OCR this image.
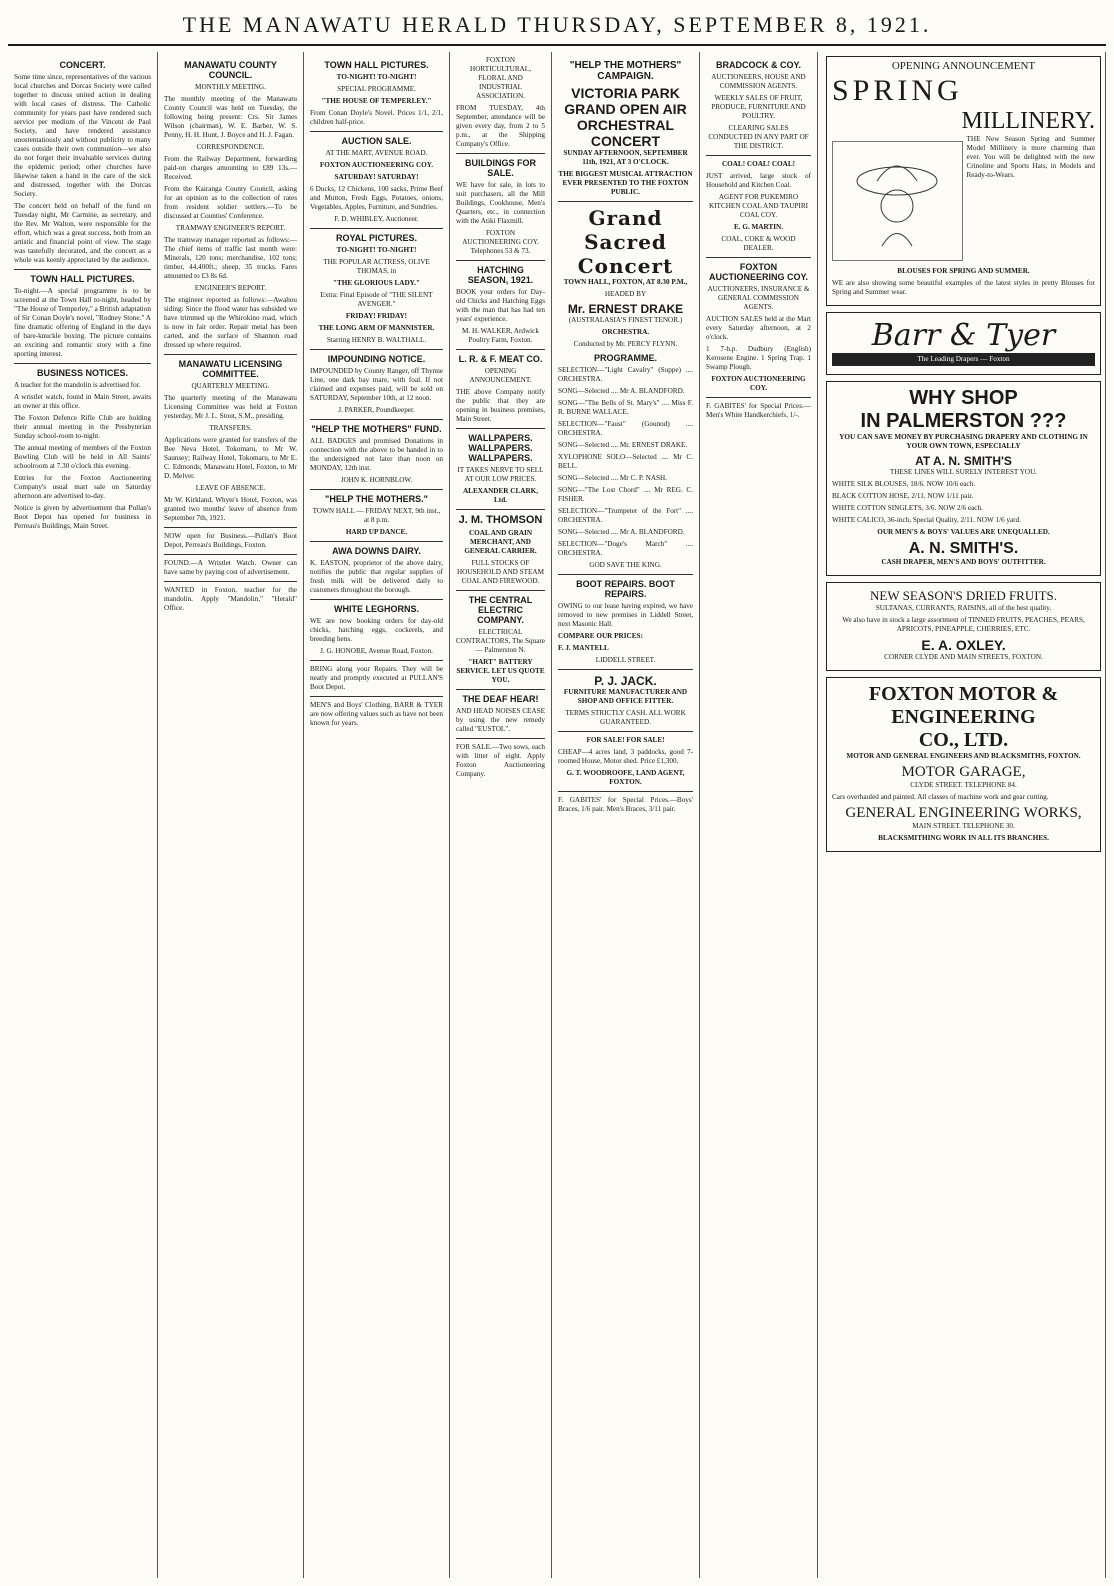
THE MANAWATU HERALD THURSDAY, SEPTEMBER 8, 1921.
CONCERT.
Some time since, representatives of the various local churches and Dorcas Society were called together to discuss united action in dealing with local cases of distress. The Catholic community for years past have rendered such service per medium of the Vincent de Paul Society, and have rendered assistance unostentatiously and without publicity to many cases outside their own communion—we also do not forget their invaluable services during the epidemic period; other churches have likewise taken a hand in the care of the sick and distressed, together with the Dorcas Society.
The concert held on behalf of the fund on Tuesday night, Mr Carmine, as secretary, and the Rev. Mr Walton, were responsible for the effort, which was a great success, both from an artistic and financial point of view. The stage was tastefully decorated, and the concert as a whole was keenly appreciated by the audience.
TOWN HALL PICTURES.
To-night.—A special programme is to be screened at the Town Hall to-night, headed by "The House of Temperley," a British adaptation of Sir Conan Doyle's novel, "Rodney Stone." A fine dramatic offering of England in the days of bare-knuckle boxing. The picture contains an exciting and romantic story with a fine sporting interest.
BUSINESS NOTICES.
A teacher for the mandolin is advertised for.
A wristlet watch, found in Main Street, awaits an owner at this office.
The Foxton Defence Rifle Club are holding their annual meeting in the Presbyterian Sunday school-room to-night.
The annual meeting of members of the Foxton Bowling Club will be held in All Saints' schoolroom at 7.30 o'clock this evening.
Entries for the Foxton Auctioneering Company's usual mart sale on Saturday afternoon are advertised to-day.
Notice is given by advertisement that Pullan's Boot Depot has opened for business in Perreau's Buildings, Main Street.
MANAWATU COUNTY COUNCIL.
MONTHLY MEETING.
The monthly meeting of the Manawatu County Council was held on Tuesday, the following being present: Crs. Sir James Wilson (chairman), W. E. Barber, W. S. Penny, H. H. Hunt, J. Boyce and H. J. Fagan.
CORRESPONDENCE.
From the Railway Department, forwarding paid-on charges amounting to £89 13s.—Received.
From the Kairanga County Council, asking for an opinion as to the collection of rates from resident soldier settlers.—To be discussed at Counties' Conference.
TRAMWAY ENGINEER'S REPORT.
The tramway manager reported as follows:—The chief items of traffic last month were: Minerals, 120 tons; merchandise, 102 tons; timber, 44,400ft.; sheep, 35 trucks. Fares amounted to £3 8s 6d.
ENGINEER'S REPORT.
The engineer reported as follows:—Awahou siding: Since the flood water has subsided we have trimmed up the Whirokino road, which is now in fair order. Repair metal has been carted, and the surface of Shannon road dressed up where required.
MANAWATU LICENSING COMMITTEE.
QUARTERLY MEETING.
The quarterly meeting of the Manawatu Licensing Committee was held at Foxton yesterday, Mr J. L. Stout, S.M., presiding.
TRANSFERS.
Applications were granted for transfers of the Bee Neva Hotel, Tokomaru, to Mr W. Saunsey; Railway Hotel, Tokomaru, to Mr E. C. Edmonds; Manawatu Hotel, Foxton, to Mr D. Melver.
LEAVE OF ABSENCE.
Mr W. Kirkland, Whyte's Hotel, Foxton, was granted two months' leave of absence from September 7th, 1921.
NOW open for Business.—Pullan's Boot Depot, Perreau's Buildings, Foxton.
FOUND.—A Wristlet Watch. Owner can have same by paying cost of advertisement.
WANTED in Foxton, teacher for the mandolin. Apply "Mandolin," "Herald" Office.
TOWN HALL PICTURES.
TO-NIGHT! TO-NIGHT!
SPECIAL PROGRAMME.
"THE HOUSE OF TEMPERLEY."
From Conan Doyle's Novel. Prices 1/1, 2/1, children half-price.
AUCTION SALE.
AT THE MART, AVENUE ROAD.
FOXTON AUCTIONEERING COY.
SATURDAY! SATURDAY!
6 Ducks, 12 Chickens, 100 sacks, Prime Beef and Mutton, Fresh Eggs, Potatoes, onions, Vegetables, Apples, Furniture, and Sundries.
F. D. WHIBLEY, Auctioneer.
ROYAL PICTURES.
TO-NIGHT! TO-NIGHT!
THE POPULAR ACTRESS, OLIVE THOMAS, in
"THE GLORIOUS LADY."
Extra: Final Episode of "THE SILENT AVENGER."
FRIDAY! FRIDAY!
THE LONG ARM OF MANNISTER.
Starring HENRY B. WALTHALL.
IMPOUNDING NOTICE.
IMPOUNDED by County Ranger, off Thynne Line, one dark bay mare, with foal. If not claimed and expenses paid, will be sold on SATURDAY, September 10th, at 12 noon.
J. PARKER, Poundkeeper.
"HELP THE MOTHERS" FUND.
ALL BADGES and promised Donations in connection with the above to be handed in to the undersigned not later than noon on MONDAY, 12th inst.
JOHN K. HORNBLOW.
"HELP THE MOTHERS."
TOWN HALL — FRIDAY NEXT, 9th inst., at 8 p.m.
HARD UP DANCE.
AWA DOWNS DAIRY.
K. EASTON, proprietor of the above dairy, notifies the public that regular supplies of fresh milk will be delivered daily to customers throughout the borough.
WHITE LEGHORNS.
WE are now booking orders for day-old chicks, hatching eggs, cockerels, and breeding hens.
J. G. HONORE, Avenue Road, Foxton.
BRING along your Repairs. They will be neatly and promptly executed at PULLAN'S Boot Depot.
MEN'S and Boys' Clothing, BARR & TYER are now offering values such as have not been known for years.
FOXTON HORTICULTURAL, FLORAL AND INDUSTRIAL ASSOCIATION.
FROM TUESDAY, 4th September, attendance will be given every day, from 2 to 5 p.m., at the Shipping Company's Office.
BUILDINGS FOR SALE.
WE have for sale, in lots to suit purchasers, all the Mill Buildings, Cookhouse, Men's Quarters, etc., in connection with the Atiki Flaxmill.
FOXTON AUCTIONEERING COY. Telephones 53 & 73.
HATCHING SEASON, 1921.
BOOK your orders for Day-old Chicks and Hatching Eggs with the man that has had ten years' experience.
M. H. WALKER, Ardwick Poultry Farm, Foxton.
L. R. & F. MEAT CO.
OPENING ANNOUNCEMENT.
THE above Company notify the public that they are opening in business premises, Main Street.
WALLPAPERS. WALLPAPERS. WALLPAPERS.
IT TAKES NERVE TO SELL AT OUR LOW PRICES.
ALEXANDER CLARK, Ltd.
J. M. THOMSON
COAL AND GRAIN MERCHANT, AND GENERAL CARRIER.
FULL STOCKS OF HOUSEHOLD AND STEAM COAL AND FIREWOOD.
THE CENTRAL ELECTRIC COMPANY.
ELECTRICAL CONTRACTORS, The Square — Palmerston N.
"HART" BATTERY SERVICE. LET US QUOTE YOU.
THE DEAF HEAR!
AND HEAD NOISES CEASE by using the new remedy called "EUSTOL".
FOR SALE.—Two sows, each with litter of eight. Apply Foxton Auctioneering Company.
"HELP THE MOTHERS" CAMPAIGN.
VICTORIA PARK
GRAND OPEN AIR
ORCHESTRAL CONCERT
SUNDAY AFTERNOON, SEPTEMBER 11th, 1921, AT 3 O'CLOCK.
THE BIGGEST MUSICAL ATTRACTION EVER PRESENTED TO THE FOXTON PUBLIC.
Grand Sacred Concert
TOWN HALL, FOXTON, AT 8.30 P.M.,
HEADED BY
Mr. ERNEST DRAKE
(AUSTRALASIA'S FINEST TENOR.)
ORCHESTRA.
Conducted by Mr. PERCY FLYNN.
PROGRAMME.
SELECTION—"Light Cavalry" (Suppe) .... ORCHESTRA.
SONG—Selected .... Mr A. BLANDFORD.
SONG—"The Bells of St. Mary's" .... Miss F. R. BURNE WALLACE.
SELECTION—"Faust" (Gounod) .... ORCHESTRA.
SONG—Selected .... Mr. ERNEST DRAKE.
XYLOPHONE SOLO—Selected .... Mr C. BELL.
SONG—Selected .... Mr C. P. NASH.
SONG—"The Lost Chord" .... Mr REG. C. FISHER.
SELECTION—"Trumpeter of the Fort" .... ORCHESTRA.
SONG—Selected .... Mr A. BLANDFORD.
SELECTION—"Doge's March" .... ORCHESTRA.
GOD SAVE THE KING.
BOOT REPAIRS. BOOT REPAIRS.
OWING to our lease having expired, we have removed to new premises in Liddell Street, next Masonic Hall.
COMPARE OUR PRICES:
F. J. MANTELL
LIDDELL STREET.
P. J. JACK.
FURNITURE MANUFACTURER AND SHOP AND OFFICE FITTER.
TERMS STRICTLY CASH. ALL WORK GUARANTEED.
FOR SALE! FOR SALE!
CHEAP—4 acres land, 3 paddocks, good 7-roomed House, Motor shed. Price £1,300.
G. T. WOODROOFE, LAND AGENT, FOXTON.
F. GABITES' for Special Prices.—Boys' Braces, 1/6 pair. Men's Braces, 3/11 pair.
BRADCOCK & COY.
AUCTIONEERS, HOUSE AND COMMISSION AGENTS.
WEEKLY SALES OF FRUIT, PRODUCE, FURNITURE AND POULTRY.
CLEARING SALES CONDUCTED IN ANY PART OF THE DISTRICT.
COAL! COAL! COAL!
JUST arrived, large stock of Household and Kitchen Coal.
AGENT FOR PUKEMIRO KITCHEN COAL AND TAUPIRI COAL COY.
E. G. MARTIN.
COAL, COKE & WOOD DEALER.
FOXTON AUCTIONEERING COY.
AUCTIONEERS, INSURANCE & GENERAL COMMISSION AGENTS.
AUCTION SALES held at the Mart every Saturday afternoon, at 2 o'clock.
1 7-h.p. Dudbury (English) Kerosene Engine. 1 Spring Trap. 1 Swamp Plough.
FOXTON AUCTIONEERING COY.
F. GABITES' for Special Prices.—Men's White Handkerchiefs, 1/-.
OPENING ANNOUNCEMENT
SPRING
MILLINERY.
THE New Season Spring and Summer Model Millinery is more charming than ever. You will be delighted with the new Crinoline and Sports Hats, in Models and Ready-to-Wears.
BLOUSES FOR SPRING AND SUMMER.
WE are also showing some beautiful examples of the latest styles in pretty Blouses for Spring and Summer wear.
Barr & Tyer
The Leading Drapers — Foxton
WHY SHOP
IN PALMERSTON ???
YOU CAN SAVE MONEY BY PURCHASING DRAPERY AND CLOTHING IN YOUR OWN TOWN, ESPECIALLY
AT A. N. SMITH'S
THESE LINES WILL SURELY INTEREST YOU.
WHITE SILK BLOUSES, 18/6. NOW 10/6 each.
BLACK COTTON HOSE, 2/11. NOW 1/11 pair.
WHITE COTTON SINGLETS, 3/6. NOW 2/6 each.
WHITE CALICO, 36-inch, Special Quality, 2/11. NOW 1/6 yard.
OUR MEN'S & BOYS' VALUES ARE UNEQUALLED.
A. N. SMITH'S.
CASH DRAPER, MEN'S AND BOYS' OUTFITTER.
NEW SEASON'S DRIED FRUITS.
SULTANAS, CURRANTS, RAISINS, all of the best quality.
We also have in stock a large assortment of TINNED FRUITS, PEACHES, PEARS, APRICOTS, PINEAPPLE, CHERRIES, ETC.
E. A. OXLEY.
CORNER CLYDE AND MAIN STREETS, FOXTON.
FOXTON MOTOR &
ENGINEERING
CO., LTD.
MOTOR AND GENERAL ENGINEERS AND BLACKSMITHS, FOXTON.
MOTOR GARAGE,
CLYDE STREET. TELEPHONE 84.
Cars overhauled and painted. All classes of machine work and gear cutting.
GENERAL ENGINEERING WORKS,
MAIN STREET. TELEPHONE 30.
BLACKSMITHING WORK IN ALL ITS BRANCHES.
